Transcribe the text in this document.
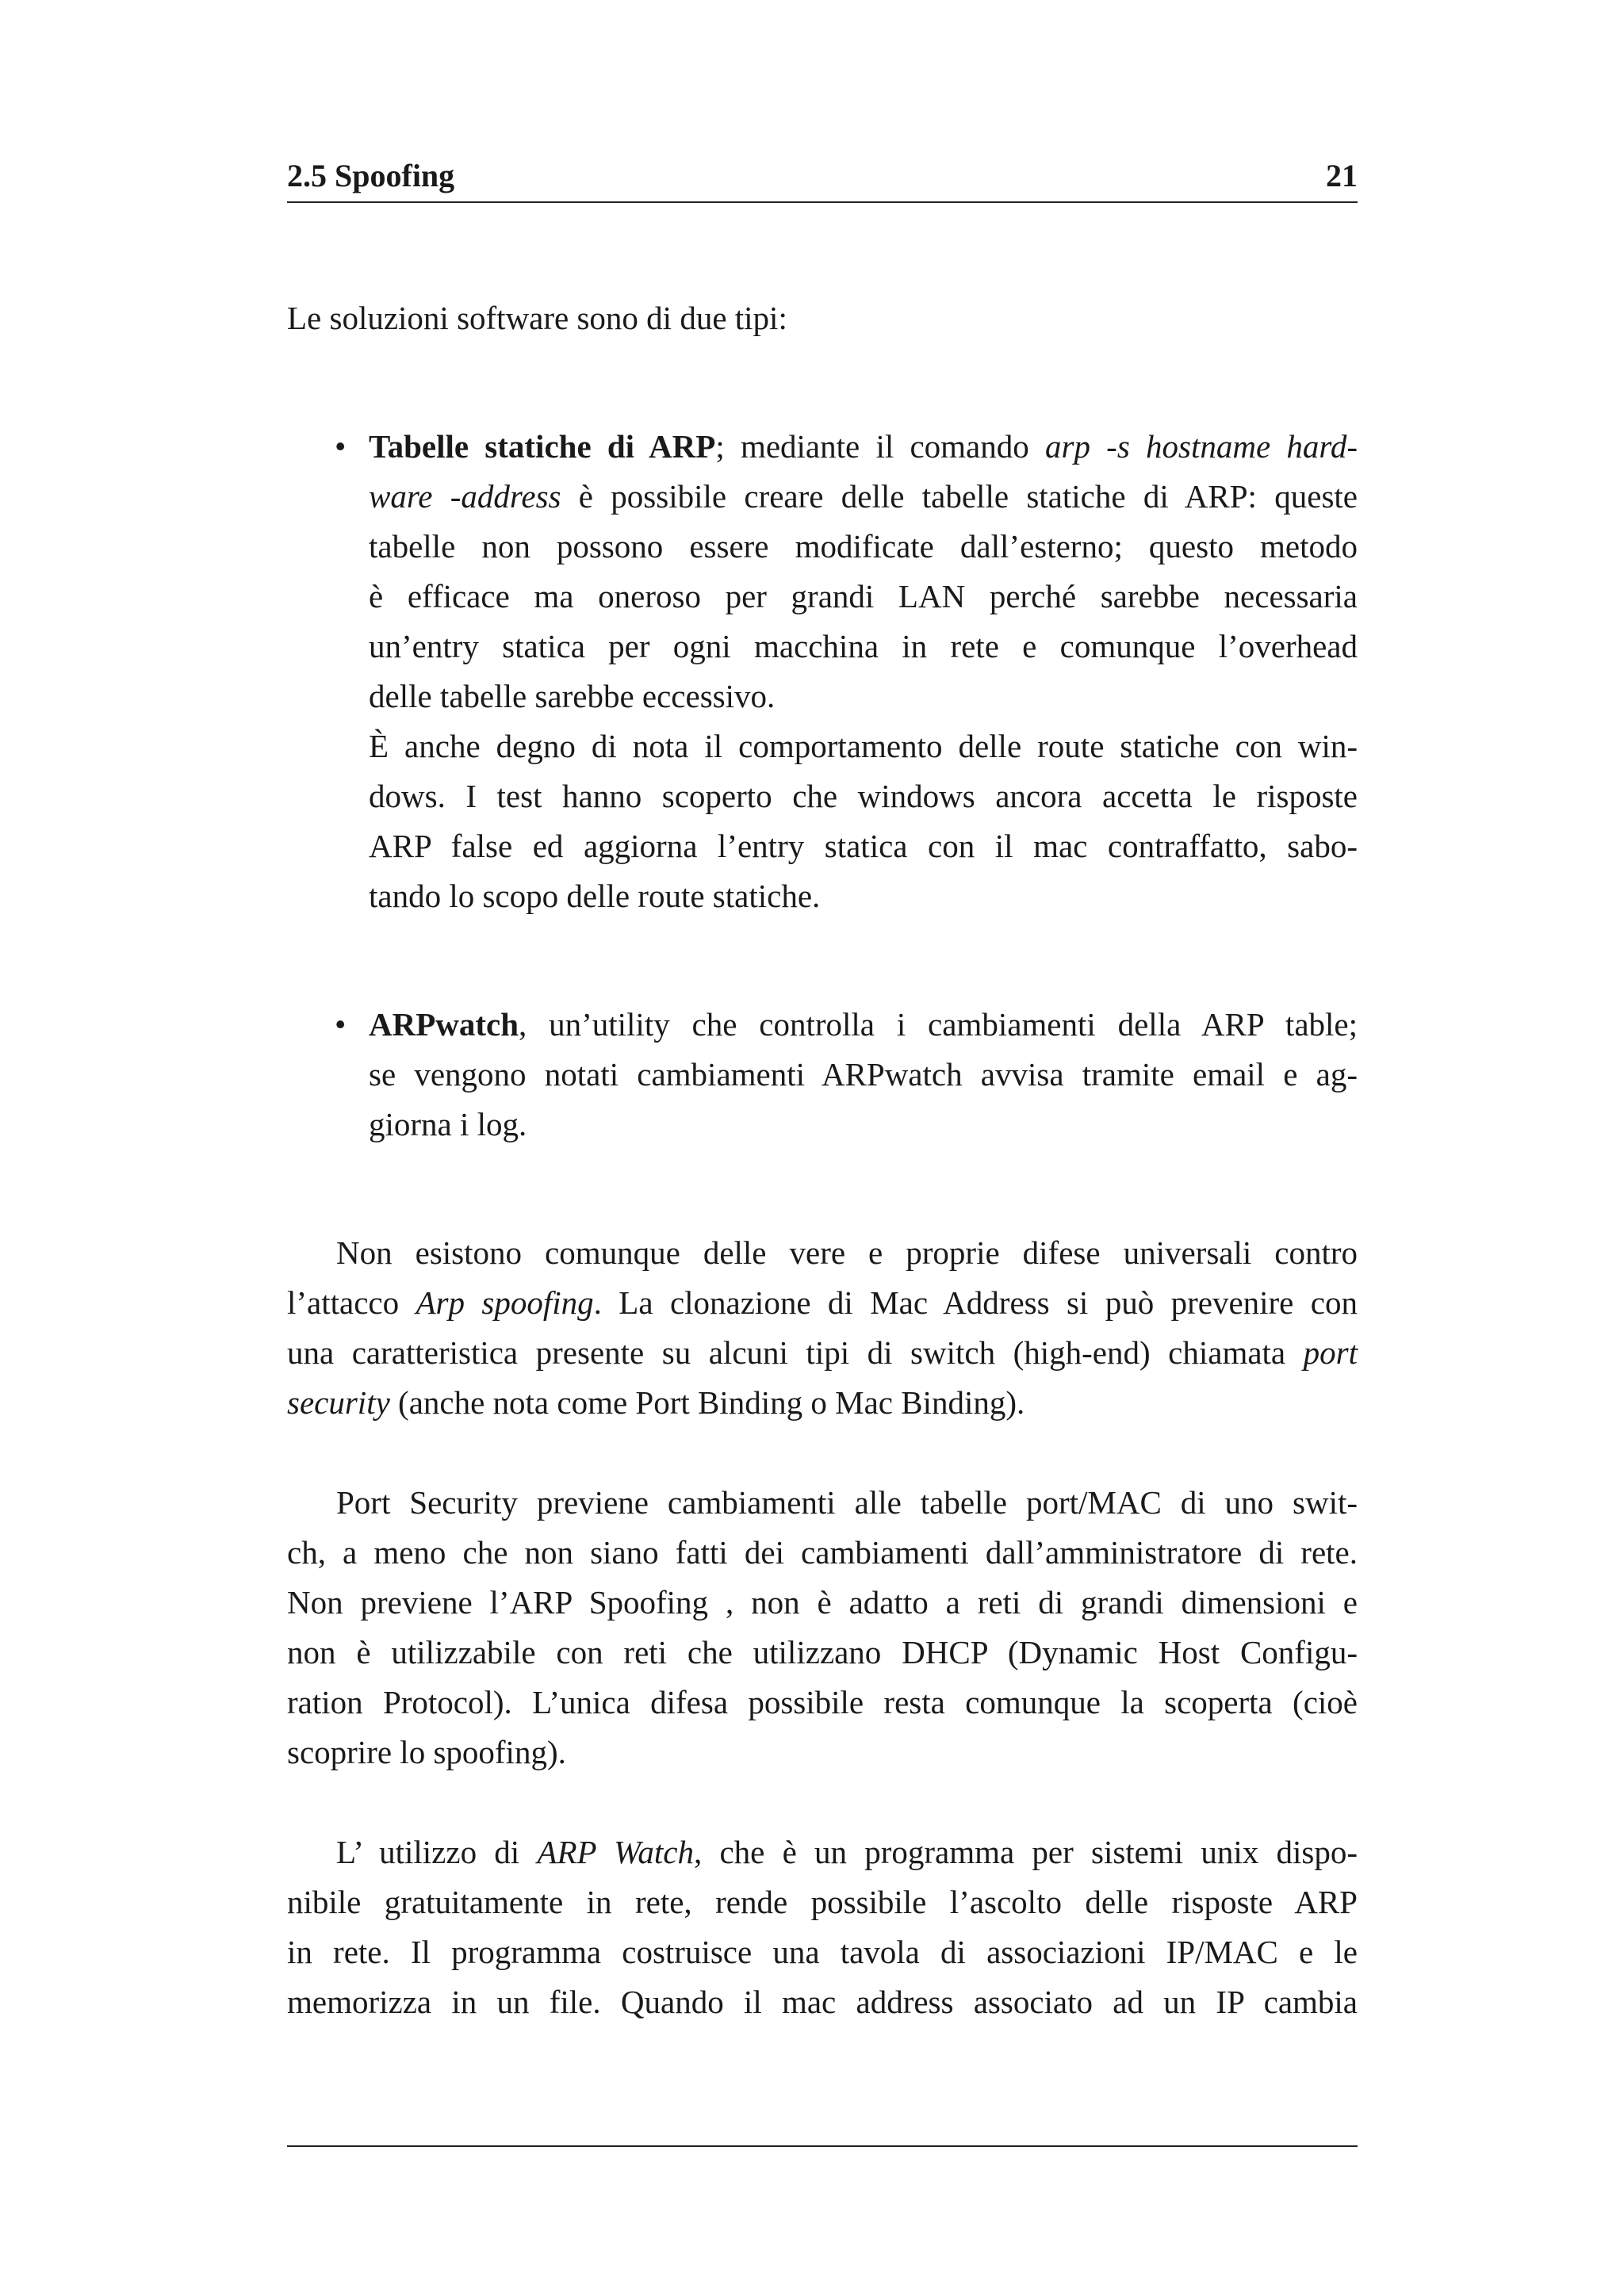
2.5 Spoofing	21

Le soluzioni software sono di due tipi:

• Tabelle statiche di ARP; mediante il comando arp -s hostname hard-
ware -address è possibile creare delle tabelle statiche di ARP: queste
tabelle non possono essere modificate dall’esterno; questo metodo
è efficace ma oneroso per grandi LAN perché sarebbe necessaria
un’entry statica per ogni macchina in rete e comunque l’overhead
delle tabelle sarebbe eccessivo.
È anche degno di nota il comportamento delle route statiche con win-
dows. I test hanno scoperto che windows ancora accetta le risposte
ARP false ed aggiorna l’entry statica con il mac contraffatto, sabo-
tando lo scopo delle route statiche.
• ARPwatch, un’utility che controlla i cambiamenti della ARP table;
se vengono notati cambiamenti ARPwatch avvisa tramite email e ag-
giorna i log.
Non esistono comunque delle vere e proprie difese universali contro
l’attacco Arp spoofing. La clonazione di Mac Address si può prevenire con
una caratteristica presente su alcuni tipi di switch (high-end) chiamata port
security (anche nota come Port Binding o Mac Binding).
Port Security previene cambiamenti alle tabelle port/MAC di uno swit-
ch, a meno che non siano fatti dei cambiamenti dall’amministratore di rete.
Non previene l’ARP Spoofing , non è adatto a reti di grandi dimensioni e
non è utilizzabile con reti che utilizzano DHCP (Dynamic Host Configu-
ration Protocol). L’unica difesa possibile resta comunque la scoperta (cioè
scoprire lo spoofing).
L’ utilizzo di ARP Watch, che è un programma per sistemi unix dispo-
nibile gratuitamente in rete, rende possibile l’ascolto delle risposte ARP
in rete. Il programma costruisce una tavola di associazioni IP/MAC e le
memorizza in un file. Quando il mac address associato ad un IP cambia
